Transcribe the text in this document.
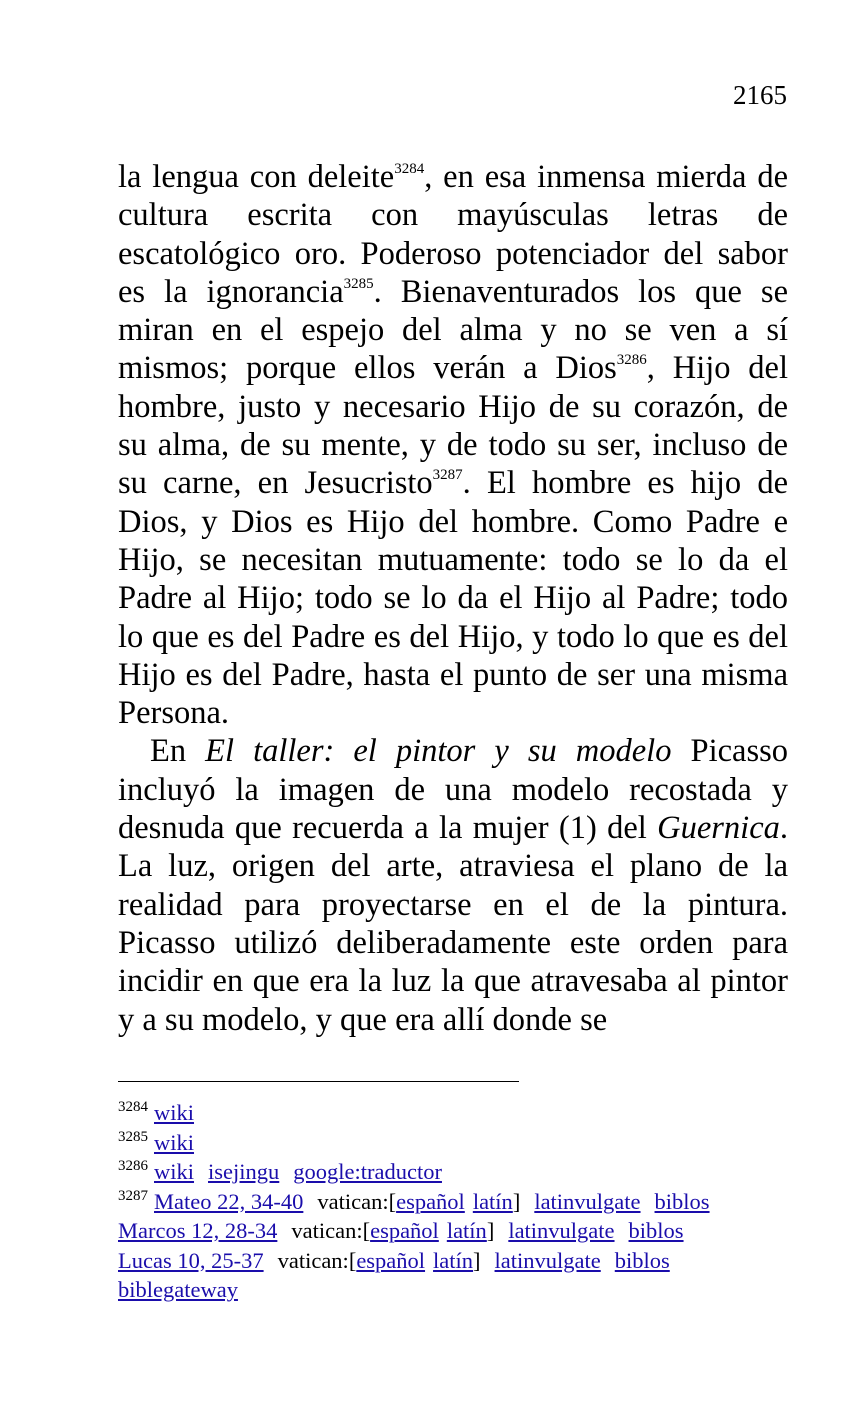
2165

la lengua con deleite$^{3284}$, en esa inmensa mierda de cultura escrita con mayúsculas letras de escatológico oro. Poderoso potenciador del sabor es la ignorancia$^{3285}$. Bienaventurados los que se miran en el espejo del alma y no se ven a sí mismos; porque ellos verán a Dios$^{3286}$, Hijo del hombre, justo y necesario Hijo de su corazón, de su alma, de su mente, y de todo su ser, incluso de su carne, en Jesucristo$^{3287}$. El hombre es hijo de Dios, y Dios es Hijo del hombre. Como Padre e Hijo, se necesitan mutuamente: todo se lo da el Padre al Hijo; todo se lo da el Hijo al Padre; todo lo que es del Padre es del Hijo, y todo lo que es del Hijo es del Padre, hasta el punto de ser una misma Persona.

En El taller: el pintor y su modelo Picasso incluyó la imagen de una modelo recostada y desnuda que recuerda a la mujer (1) del Guernica. La luz, origen del arte, atraviesa el plano de la realidad para proyectarse en el de la pintura. Picasso utilizó deliberadamente este orden para incidir en que era la luz la que atravesaba al pintor y a su modelo, y que era allí donde se

$^{3284}$ wiki
$^{3285}$ wiki
$^{3286}$ wiki isejingu google:traductor
$^{3287}$ Mateo 22, 34-40 vatican:[español latín] latinvulgate biblos
Marcos 12, 28-34 vatican:[español latín] latinvulgate biblos
Lucas 10, 25-37 vatican:[español latín] latinvulgate biblos
biblegateway
